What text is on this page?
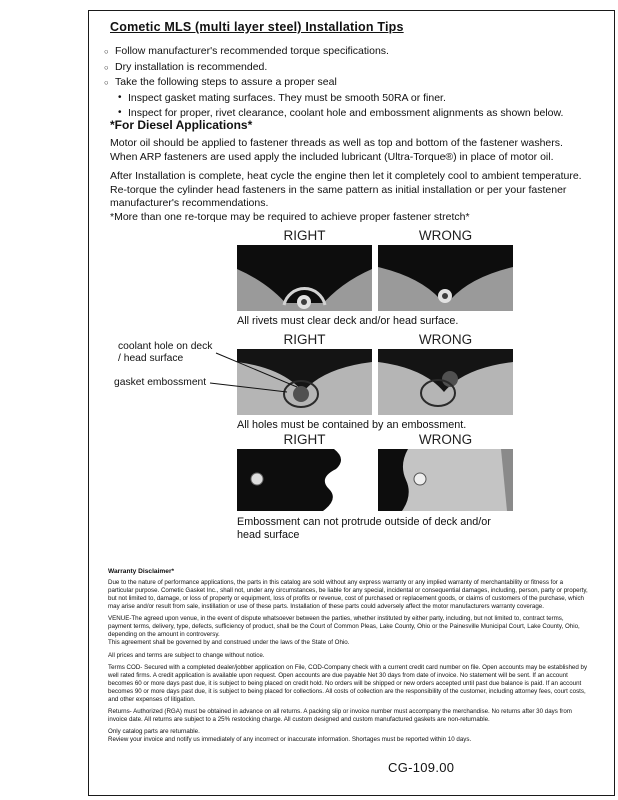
Cometic MLS (multi layer steel) Installation Tips
○ Follow manufacturer's recommended torque specifications.
○ Dry installation is recommended.
○ Take the following steps to assure a proper seal
• Inspect gasket mating surfaces. They must be smooth 50RA or finer.
• Inspect for proper, rivet clearance, coolant hole and embossment alignments as shown below.
*For Diesel Applications*

Motor oil should be applied to fastener threads as well as top and bottom of the fastener washers. When ARP fasteners are used apply the included lubricant (Ultra-Torque®) in place of motor oil.

After Installation is complete, heat cycle the engine then let it completely cool to ambient temperature. Re-torque the cylinder head fasteners in the same pattern as initial installation or per your fastener manufacturer's recommendations.

*More than one re-torque may be required to achieve proper fastener stretch*

RIGHT	WRONG
All rivets must clear deck and/or head surface.
RIGHT	WRONG
coolant hole on deck / head surface
gasket embossment
All holes must be contained by an embossment.
RIGHT	WRONG
Embossment can not protrude outside of deck and/or head surface

Warranty Disclaimer*

Due to the nature of performance applications, the parts in this catalog are sold without any express warranty or any implied warranty of merchantability or fitness for a particular purpose. Cometic Gasket Inc., shall not, under any circumstances, be liable for any special, incidental or consequential damages, including, person, party or property, but not limited to, damage, or loss of property or equipment, loss of profits or revenue, cost of purchased or replacement goods, or claims of customers of the purchase, which may arise and/or result from sale, instillation or use of these parts. Installation of these parts could adversely affect the motor manufacturers warranty coverage.

VENUE-The agreed upon venue, in the event of dispute whatsoever between the parties, whether instituted by either party, including, but not limited to, contract terms, payment terms, delivery, type, defects, sufficiency of product, shall be the Court of Common Pleas, Lake County, Ohio or the Painesville Municipal Court, Lake County, Ohio, depending on the amount in controversy.

This agreement shall be governed by and construed under the laws of the State of Ohio.

All prices and terms are subject to change without notice.

Terms COD- Secured with a completed dealer/jobber application on File, COD-Company check with a current credit card number on file. Open accounts may be established by well rated firms. A credit application is available upon request. Open accounts are due payable Net 30 days from date of invoice. No statement will be sent. If an account becomes 60 or more days past due, it is subject to being placed on credit hold. No orders will be shipped or new orders accepted until past due balance is paid. If an account becomes 90 or more days past due, it is subject to being placed for collections. All costs of collection are the responsibility of the customer, including attorney fees, court costs, and other expenses of litigation.

Returns- Authorized (RGA) must be obtained in advance on all returns. A packing slip or invoice number must accompany the merchandise. No returns after 30 days from invoice date. All returns are subject to a 25% restocking charge. All custom designed and custom manufactured gaskets are non-returnable.

Only catalog parts are returnable.

Review your invoice and notify us immediately of any incorrect or inaccurate information. Shortages must be reported within 10 days.

CG-109.00
